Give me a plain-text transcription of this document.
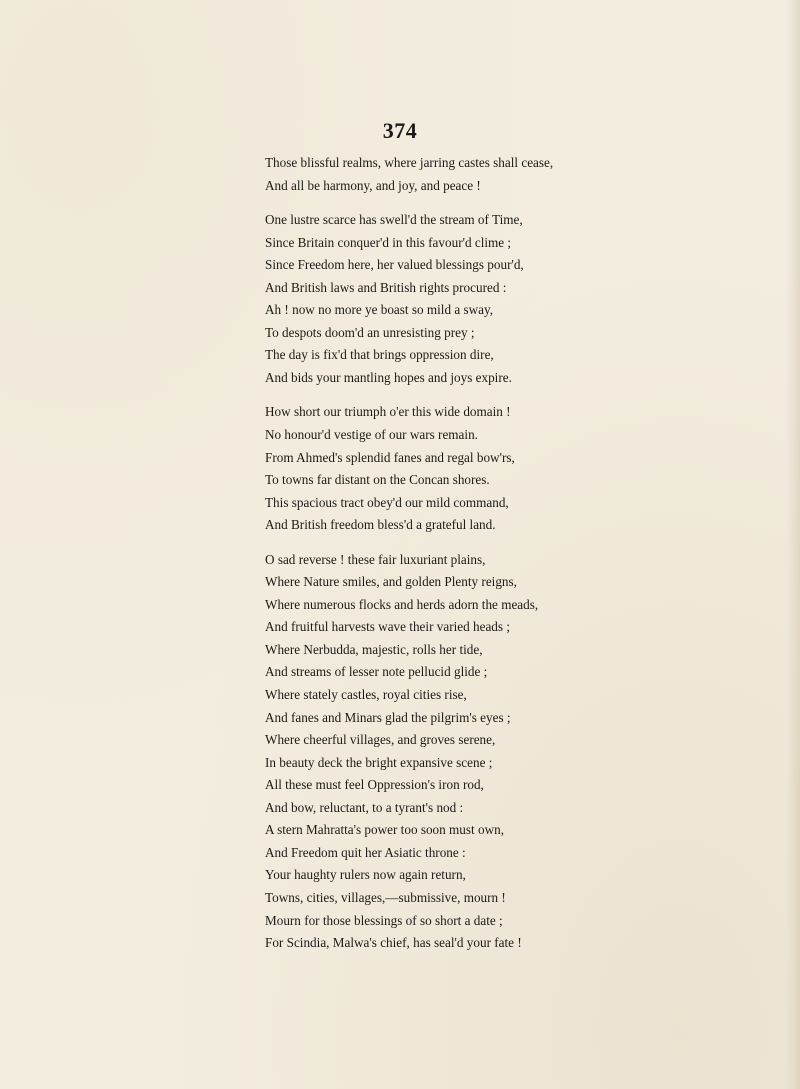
374

Those blissful realms, where jarring castes shall cease,
And all be harmony, and joy, and peace !

One lustre scarce has swell'd the stream of Time,
Since Britain conquer'd in this favour'd clime ;
Since Freedom here, her valued blessings pour'd,
And British laws and British rights procured :
Ah ! now no more ye boast so mild a sway,
To despots doom'd an unresisting prey ;
The day is fix'd that brings oppression dire,
And bids your mantling hopes and joys expire.

How short our triumph o'er this wide domain !
No honour'd vestige of our wars remain.
From Ahmed's splendid fanes and regal bow'rs,
To towns far distant on the Concan shores.
This spacious tract obey'd our mild command,
And British freedom bless'd a grateful land.

O sad reverse ! these fair luxuriant plains,
Where Nature smiles, and golden Plenty reigns,
Where numerous flocks and herds adorn the meads,
And fruitful harvests wave their varied heads ;
Where Nerbudda, majestic, rolls her tide,
And streams of lesser note pellucid glide ;
Where stately castles, royal cities rise,
And fanes and Minars glad the pilgrim's eyes ;
Where cheerful villages, and groves serene,
In beauty deck the bright expansive scene ;
All these must feel Oppression's iron rod,
And bow, reluctant, to a tyrant's nod :
A stern Mahratta's power too soon must own,
And Freedom quit her Asiatic throne :
Your haughty rulers now again return,
Towns, cities, villages,—submissive, mourn !
Mourn for those blessings of so short a date ;
For Scindia, Malwa's chief, has seal'd your fate !
